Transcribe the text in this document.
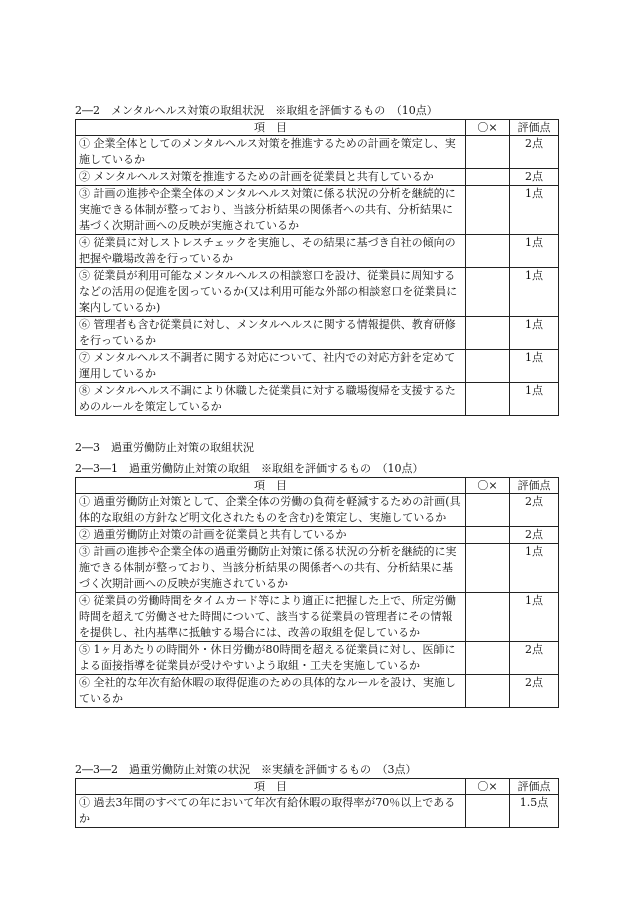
2―2　メンタルヘルス対策の取組状況　※取組を評価するもの　（10点）
項　目	〇×	評価点
① 企業全体としてのメンタルヘルス対策を推進するための計画を策定し、実施しているか		2点
② メンタルヘルス対策を推進するための計画を従業員と共有しているか		2点
③ 計画の進捗や企業全体のメンタルヘルス対策に係る状況の分析を継続的に実施できる体制が整っており、当該分析結果の関係者への共有、分析結果に基づく次期計画への反映が実施されているか		1点
④ 従業員に対しストレスチェックを実施し、その結果に基づき自社の傾向の把握や職場改善を行っているか		1点
⑤ 従業員が利用可能なメンタルヘルスの相談窓口を設け、従業員に周知するなどの活用の促進を図っているか(又は利用可能な外部の相談窓口を従業員に案内しているか)		1点
⑥ 管理者も含む従業員に対し、メンタルヘルスに関する情報提供、教育研修を行っているか		1点
⑦ メンタルヘルス不調者に関する対応について、社内での対応方針を定めて運用しているか		1点
⑧ メンタルヘルス不調により休職した従業員に対する職場復帰を支援するためのルールを策定しているか		1点
2―3　過重労働防止対策の取組状況
2―3―1　過重労働防止対策の取組　※取組を評価するもの　（10点）
項　目	〇×	評価点
① 過重労働防止対策として、企業全体の労働の負荷を軽減するための計画(具体的な取組の方針など明文化されたものを含む)を策定し、実施しているか		2点
② 過重労働防止対策の計画を従業員と共有しているか		2点
③ 計画の進捗や企業全体の過重労働防止対策に係る状況の分析を継続的に実施できる体制が整っており、当該分析結果の関係者への共有、分析結果に基づく次期計画への反映が実施されているか		1点
④ 従業員の労働時間をタイムカード等により適正に把握した上で、所定労働時間を超えて労働させた時間について、該当する従業員の管理者にその情報を提供し、社内基準に抵触する場合には、改善の取組を促しているか		1点
⑤ 1ヶ月あたりの時間外・休日労働が80時間を超える従業員に対し、医師による面接指導を従業員が受けやすいよう取組・工夫を実施しているか		2点
⑥ 全社的な年次有給休暇の取得促進のための具体的なルールを設け、実施しているか		2点
2―3―2　過重労働防止対策の状況　※実績を評価するもの　（3点）
項　目	〇×	評価点
① 過去3年間のすべての年において年次有給休暇の取得率が70％以上であるか		1.5点
